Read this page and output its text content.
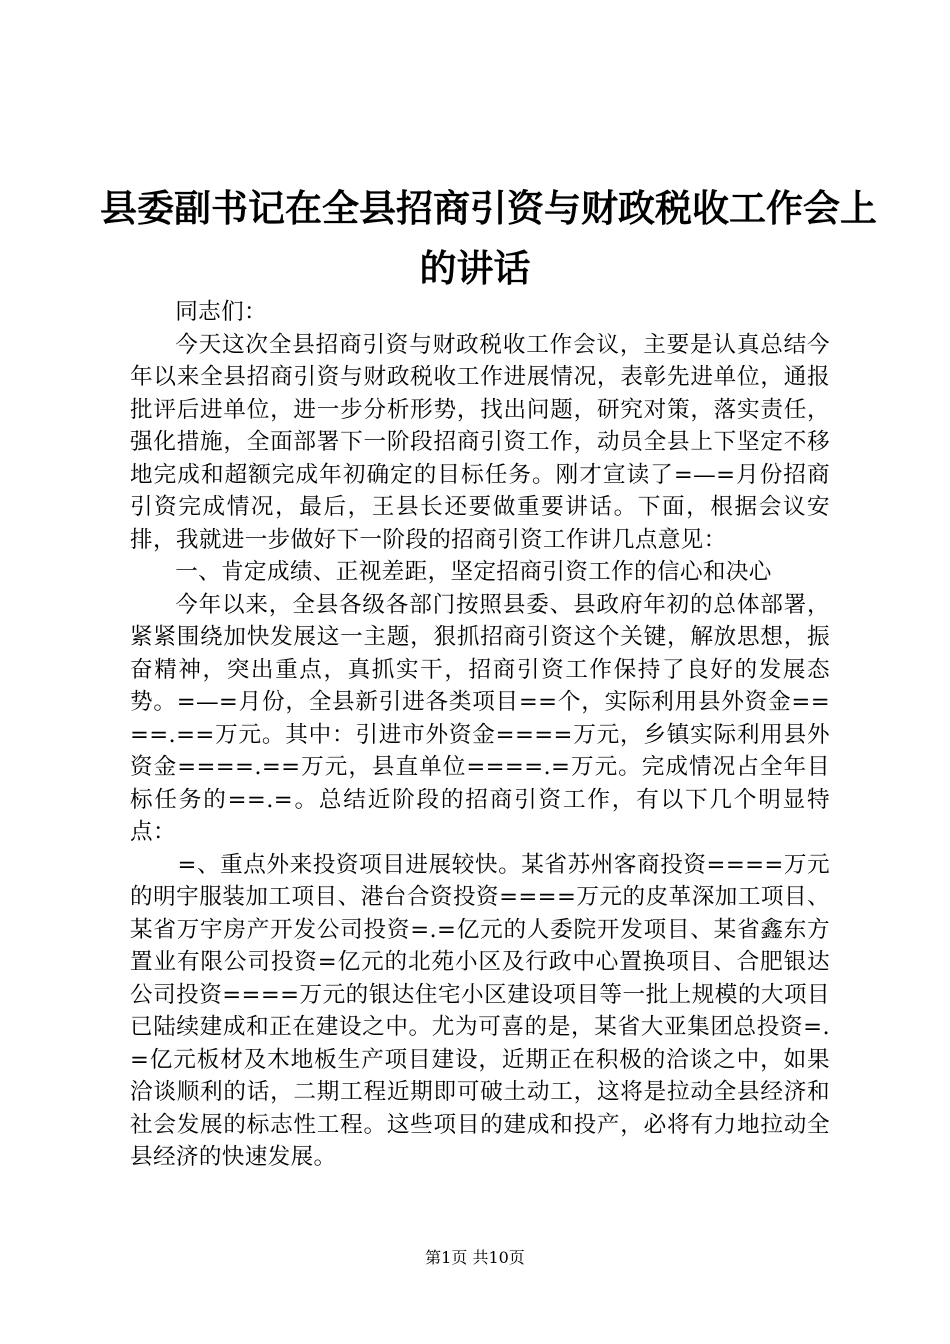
县委副书记在全县招商引资与财政税收工作会上
的讲话

同志们：

今天这次全县招商引资与财政税收工作会议，主要是认真总结今年以来全县招商引资与财政税收工作进展情况，表彰先进单位，通报批评后进单位，进一步分析形势，找出问题，研究对策，落实责任，强化措施，全面部署下一阶段招商引资工作，动员全县上下坚定不移地完成和超额完成年初确定的目标任务。刚才宣读了=—=月份招商引资完成情况，最后，王县长还要做重要讲话。下面，根据会议安排，我就进一步做好下一阶段的招商引资工作讲几点意见：

一、肯定成绩、正视差距，坚定招商引资工作的信心和决心

今年以来，全县各级各部门按照县委、县政府年初的总体部署，紧紧围绕加快发展这一主题，狠抓招商引资这个关键，解放思想，振奋精神，突出重点，真抓实干，招商引资工作保持了良好的发展态势。=—=月份，全县新引进各类项目==个，实际利用县外资金====.==万元。其中：引进市外资金====万元，乡镇实际利用县外资金====.==万元，县直单位====.=万元。完成情况占全年目标任务的==.=。总结近阶段的招商引资工作，有以下几个明显特点：

=、重点外来投资项目进展较快。某省苏州客商投资====万元的明宇服装加工项目、港台合资投资====万元的皮革深加工项目、某省万宇房产开发公司投资=.=亿元的人委院开发项目、某省鑫东方置业有限公司投资=亿元的北苑小区及行政中心置换项目、合肥银达公司投资====万元的银达住宅小区建设项目等一批上规模的大项目已陆续建成和正在建设之中。尤为可喜的是，某省大亚集团总投资=.=亿元板材及木地板生产项目建设，近期正在积极的洽谈之中，如果洽谈顺利的话，二期工程近期即可破土动工，这将是拉动全县经济和社会发展的标志性工程。这些项目的建成和投产，必将有力地拉动全县经济的快速发展。

第1页 共10页
